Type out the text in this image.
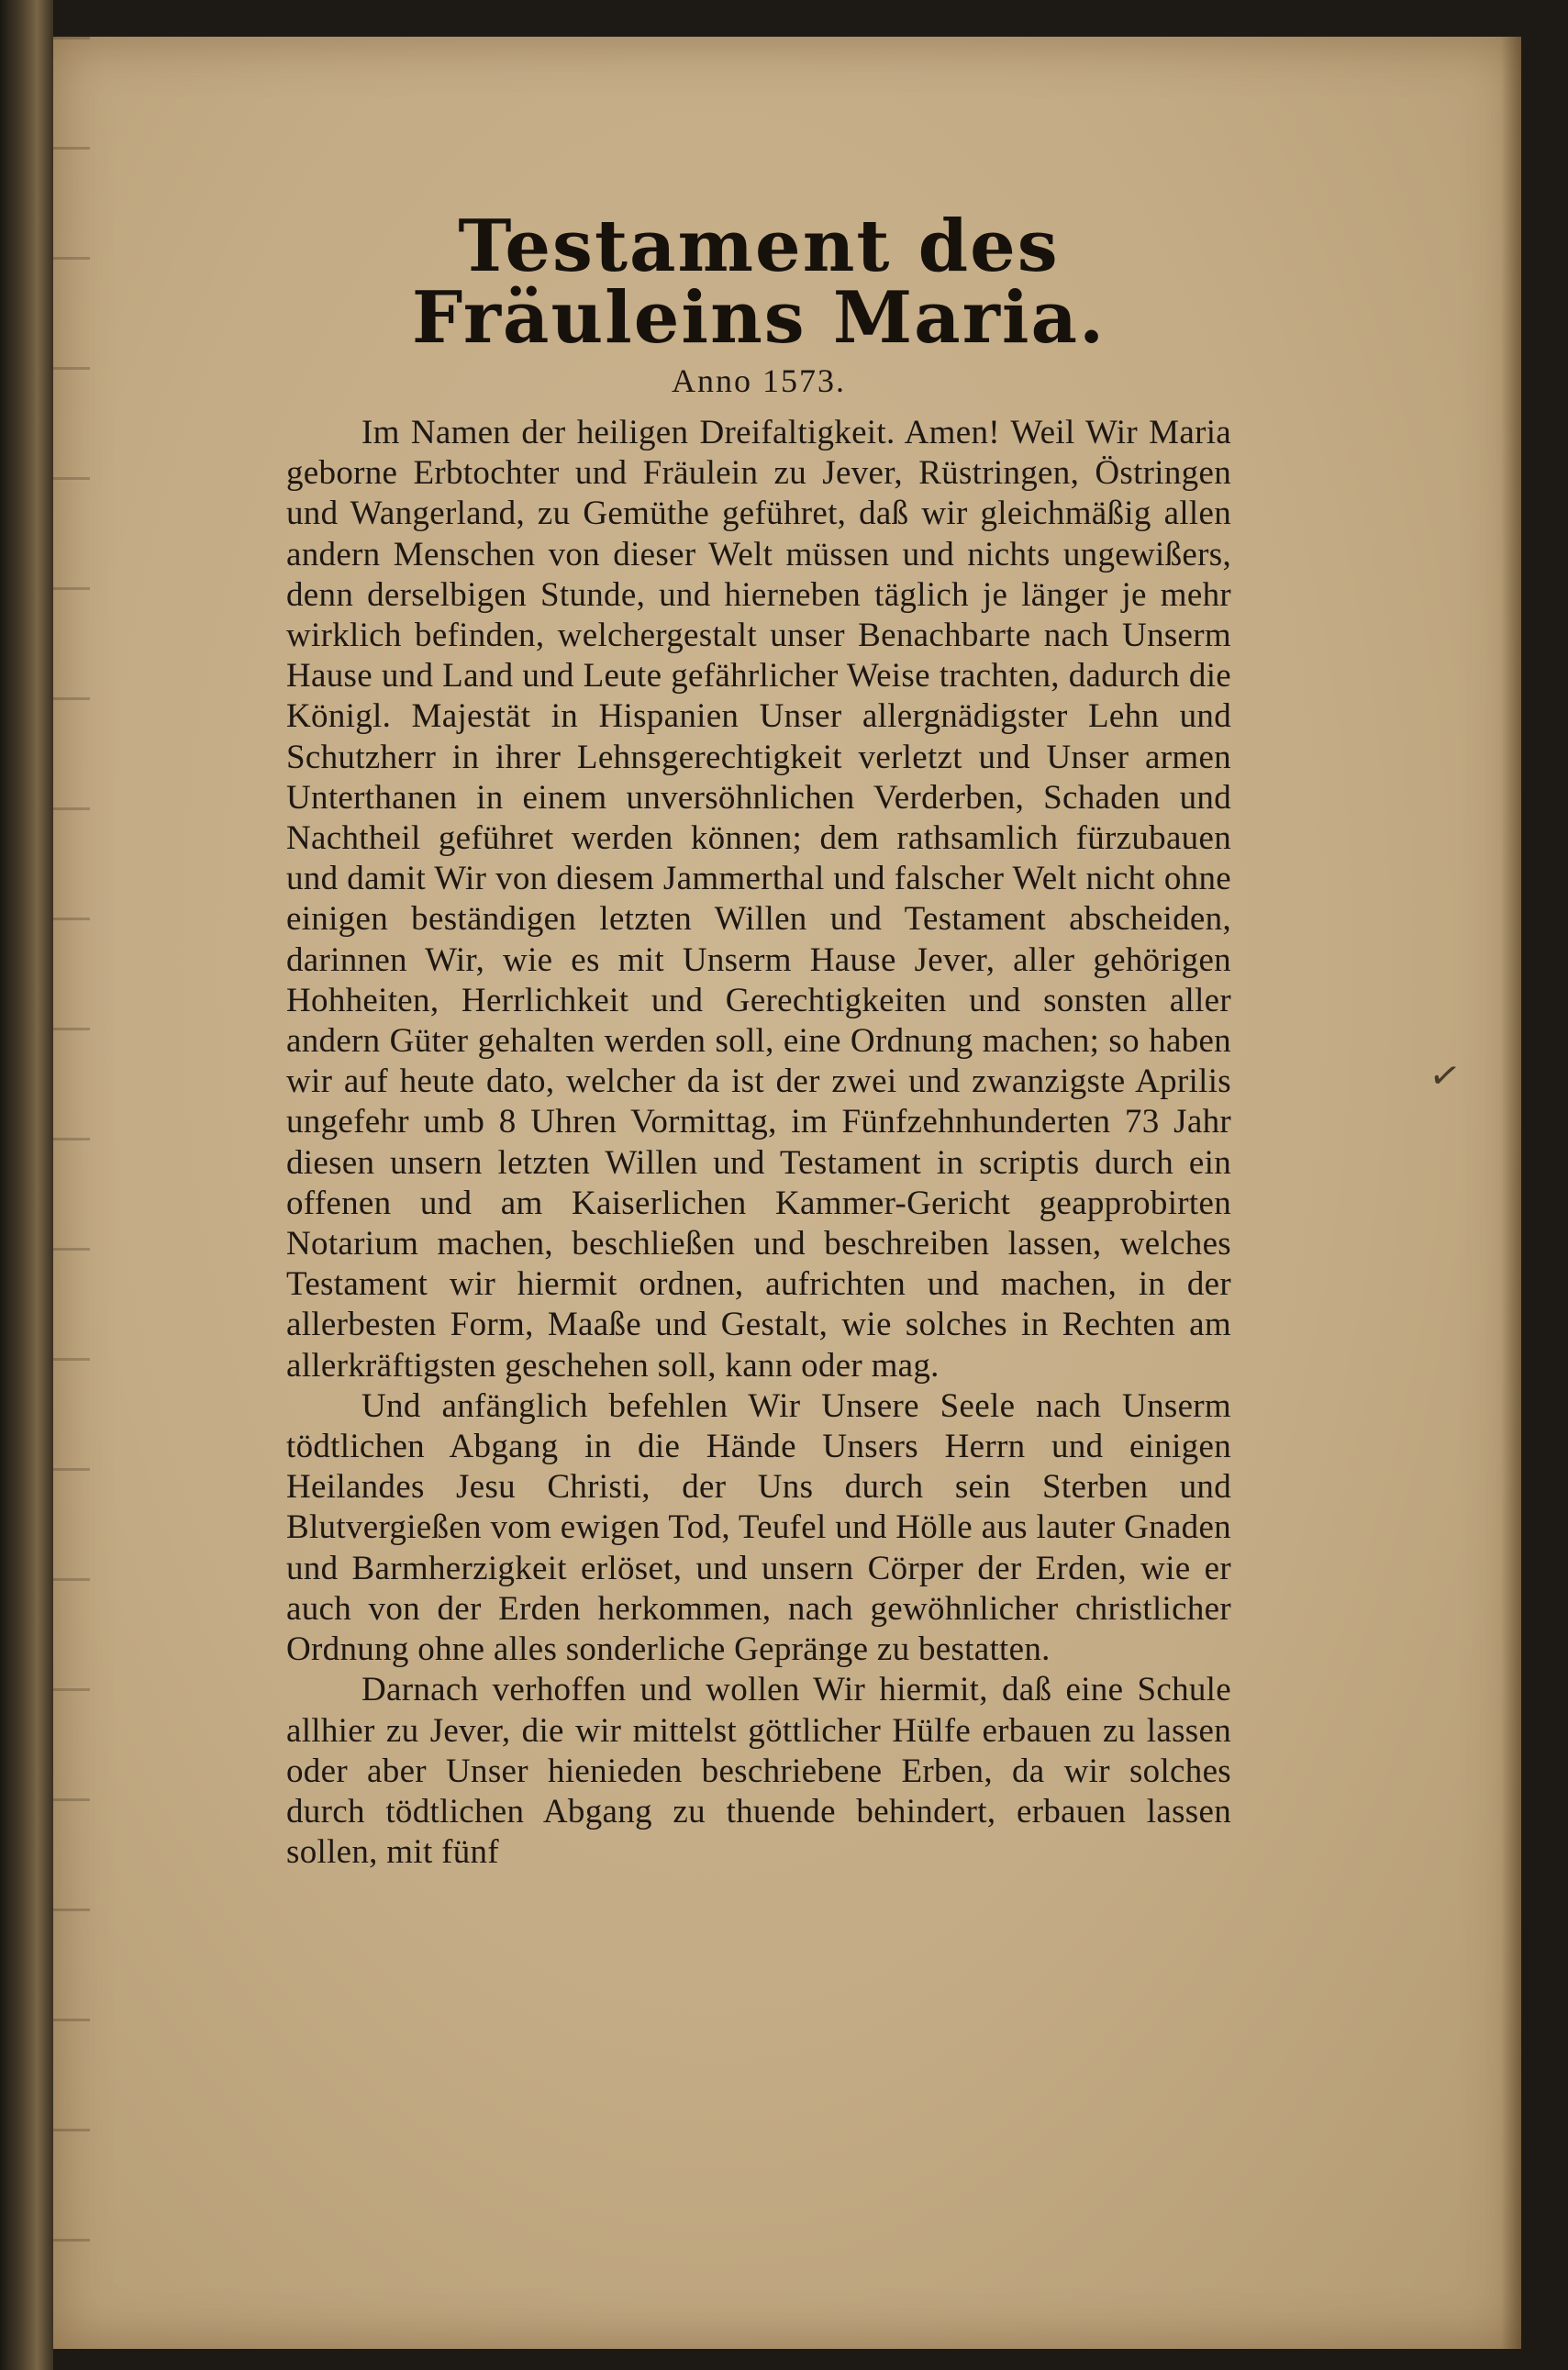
✓
Testament des Fräuleins Maria.
Anno 1573.

Im Namen der heiligen Dreifaltigkeit. Amen! Weil Wir Maria geborne Erbtochter und Fräulein zu Jever, Rüstringen, Östringen und Wangerland, zu Gemüthe geführet, daß wir gleichmäßig allen andern Menschen von dieser Welt müssen und nichts ungewißers, denn derselbigen Stunde, und hierneben täglich je länger je mehr wirklich befinden, welchergestalt unser Benachbarte nach Unserm Hause und Land und Leute gefährlicher Weise trachten, dadurch die Königl. Majestät in Hispanien Unser allergnädigster Lehn und Schutzherr in ihrer Lehnsgerechtigkeit verletzt und Unser armen Unterthanen in einem unversöhnlichen Verderben, Schaden und Nachtheil geführet werden können; dem rathsamlich fürzubauen und damit Wir von diesem Jammerthal und falscher Welt nicht ohne einigen beständigen letzten Willen und Testament abscheiden, darinnen Wir, wie es mit Unserm Hause Jever, aller gehörigen Hohheiten, Herrlichkeit und Gerechtigkeiten und sonsten aller andern Güter gehalten werden soll, eine Ordnung machen; so haben wir auf heute dato, welcher da ist der zwei und zwanzigste Aprilis ungefehr umb 8 Uhren Vormittag, im Fünfzehnhunderten 73 Jahr diesen unsern letzten Willen und Testament in scriptis durch ein offenen und am Kaiserlichen Kammer-Gericht geapprobirten Notarium machen, beschließen und beschreiben lassen, welches Testament wir hiermit ordnen, aufrichten und machen, in der allerbesten Form, Maaße und Gestalt, wie solches in Rechten am allerkräftigsten geschehen soll, kann oder mag.

Und anfänglich befehlen Wir Unsere Seele nach Unserm tödtlichen Abgang in die Hände Unsers Herrn und einigen Heilandes Jesu Christi, der Uns durch sein Sterben und Blutvergießen vom ewigen Tod, Teufel und Hölle aus lauter Gnaden und Barmherzigkeit erlöset, und unsern Cörper der Erden, wie er auch von der Erden herkommen, nach gewöhnlicher christlicher Ordnung ohne alles sonderliche Gepränge zu bestatten.

Darnach verhoffen und wollen Wir hiermit, daß eine Schule allhier zu Jever, die wir mittelst göttlicher Hülfe erbauen zu lassen oder aber Unser hienieden beschriebene Erben, da wir solches durch tödtlichen Abgang zu thuende behindert, erbauen lassen sollen, mit fünf
